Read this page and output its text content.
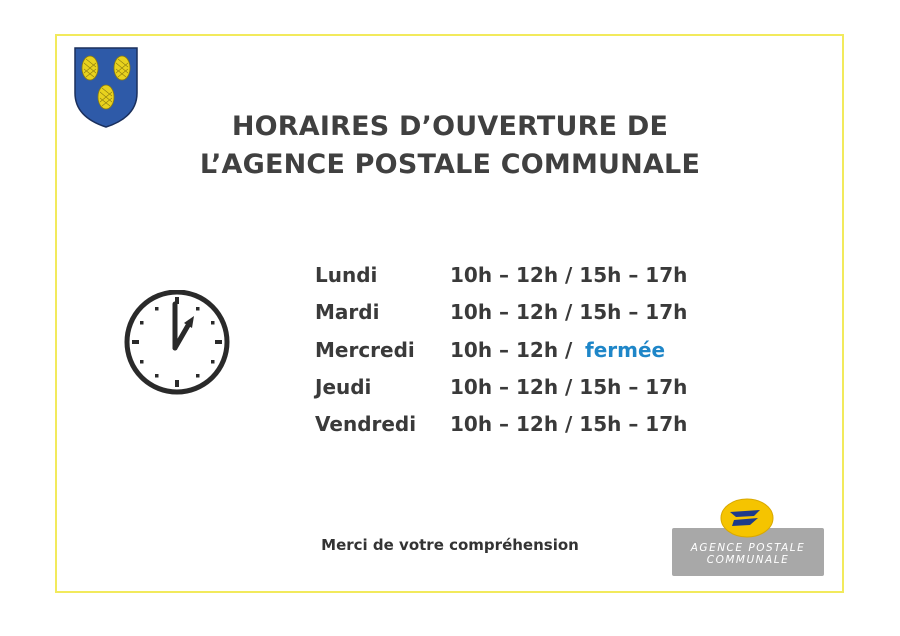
HORAIRES D’OUVERTURE DE
L’AGENCE POSTALE COMMUNALE
Lundi	10h – 12h / 15h – 17h
Mardi	10h – 12h / 15h – 17h
Mercredi 10h – 12h / fermée
Jeudi	10h – 12h / 15h – 17h
Vendredi 10h – 12h / 15h – 17h
Merci de votre compréhension	AGENCE POSTALE
COMMUNALE
